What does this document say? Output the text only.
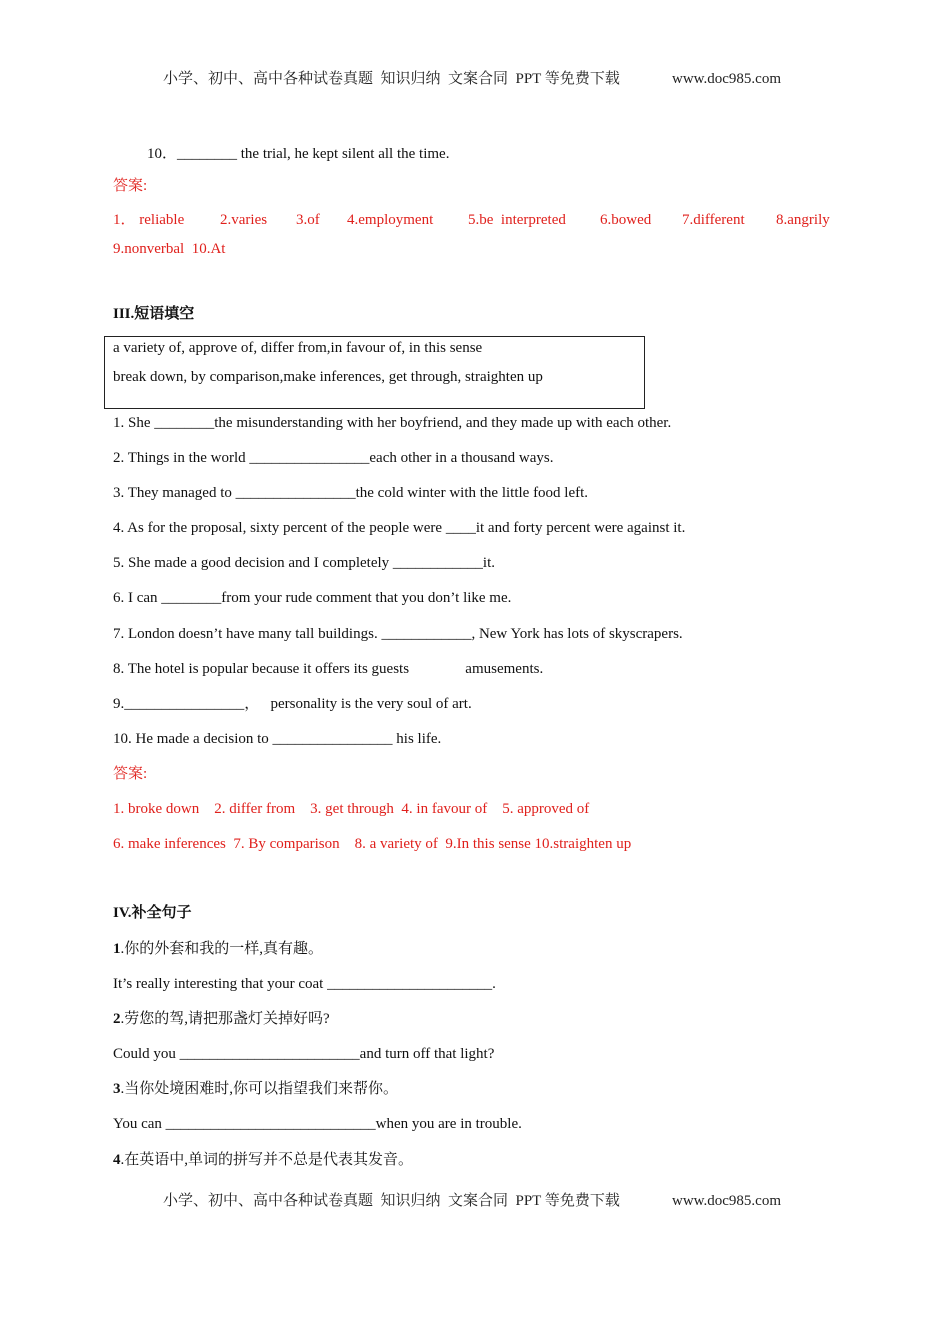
小学、初中、高中各种试卷真题  知识归纳  文案合同  PPT 等免费下载	www.doc985.com
10．________ the trial, he kept silent all the time.
答案:
1． reliable 2.varies 3.of 4.employment 5.be  interpreted 6.bowed 7.different 8.angrily
9.nonverbal  10.At
III.短语填空
a variety of, approve of, differ from,in favour of, in this sense
break down, by comparison,make inferences, get through, straighten up
1. She ________the misunderstanding with her boyfriend, and they made up with each other.
2. Things in the world ________________each other in a thousand ways.
3. They managed to ________________the cold winter with the little food left.
4. As for the proposal, sixty percent of the people were ____it and forty percent were against it.
5. She made a good decision and I completely ____________it.
6. I can ________from your rude comment that you don’t like me.
7. London doesn’t have many tall buildings. ____________, New York has lots of skyscrapers.
8. The hotel is popular because it offers its guests               amusements.
9.________________，   personality is the very soul of art.
10. He made a decision to ________________ his life.
答案:
1. broke down    2. differ from    3. get through  4. in favour of    5. approved of
6. make inferences  7. By comparison    8. a variety of  9.In this sense 10.straighten up
IV.补全句子
1.你的外套和我的一样,真有趣。
It’s really interesting that your coat ______________________.
2.劳您的驾,请把那盏灯关掉好吗?
Could you ________________________and turn off that light?
3.当你处境困难时,你可以指望我们来帮你。
You can ____________________________when you are in trouble.
4.在英语中,单词的拼写并不总是代表其发音。
小学、初中、高中各种试卷真题  知识归纳  文案合同  PPT 等免费下载	www.doc985.com
